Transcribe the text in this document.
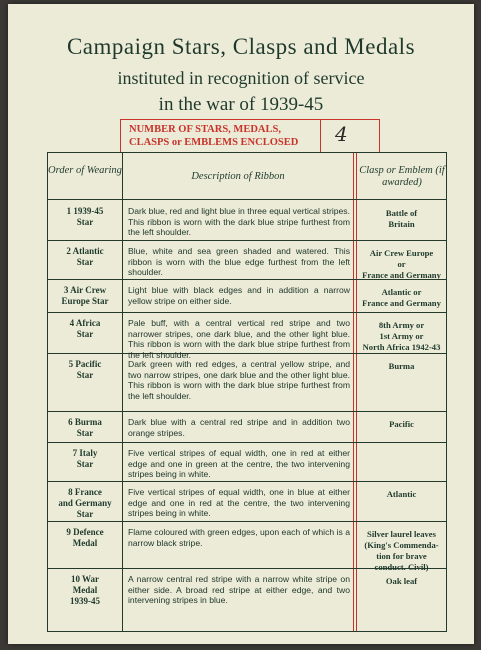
Campaign Stars, Clasps and Medals
instituted in recognition of service
in the war of 1939-45
NUMBER OF STARS, MEDALS, CLASPS or EMBLEMS ENCLOSED	4
Order of Wearing
Description of Ribbon
Clasp or Emblem (if awarded)
1 1939-45
Star
Dark blue, red and light blue in three equal vertical stripes. This ribbon is worn with the dark blue stripe furthest from the left shoulder.
Battle of
Britain
2 Atlantic
Star
Blue, white and sea green shaded and watered. This ribbon is worn with the blue edge furthest from the left shoulder.
Air Crew Europe
or
France and Germany
3 Air Crew
Europe Star
Light blue with black edges and in addition a narrow yellow stripe on either side.
Atlantic or
France and Germany
4 Africa
Star
Pale buff, with a central vertical red stripe and two narrower stripes, one dark blue, and the other light blue. This ribbon is worn with the dark blue stripe furthest from the left shoulder.
8th Army or
1st Army or
North Africa 1942-43
5 Pacific
Star
Dark green with red edges, a central yellow stripe, and two narrow stripes, one dark blue and the other light blue. This ribbon is worn with the dark blue stripe furthest from the left shoulder.
Burma
6 Burma
Star
Dark blue with a central red stripe and in addition two orange stripes.
Pacific
7 Italy
Star
Five vertical stripes of equal width, one in red at either edge and one in green at the centre, the two intervening stripes being in white.
8 France
and Germany
Star
Five vertical stripes of equal width, one in blue at either edge and one in red at the centre, the two intervening stripes being in white.
Atlantic
9 Defence
Medal
Flame coloured with green edges, upon each of which is a narrow black stripe.
Silver laurel leaves
(King's Commenda-
tion for brave
conduct. Civil)
10 War
Medal
1939-45
A narrow central red stripe with a narrow white stripe on either side. A broad red stripe at either edge, and two intervening stripes in blue.
Oak leaf
